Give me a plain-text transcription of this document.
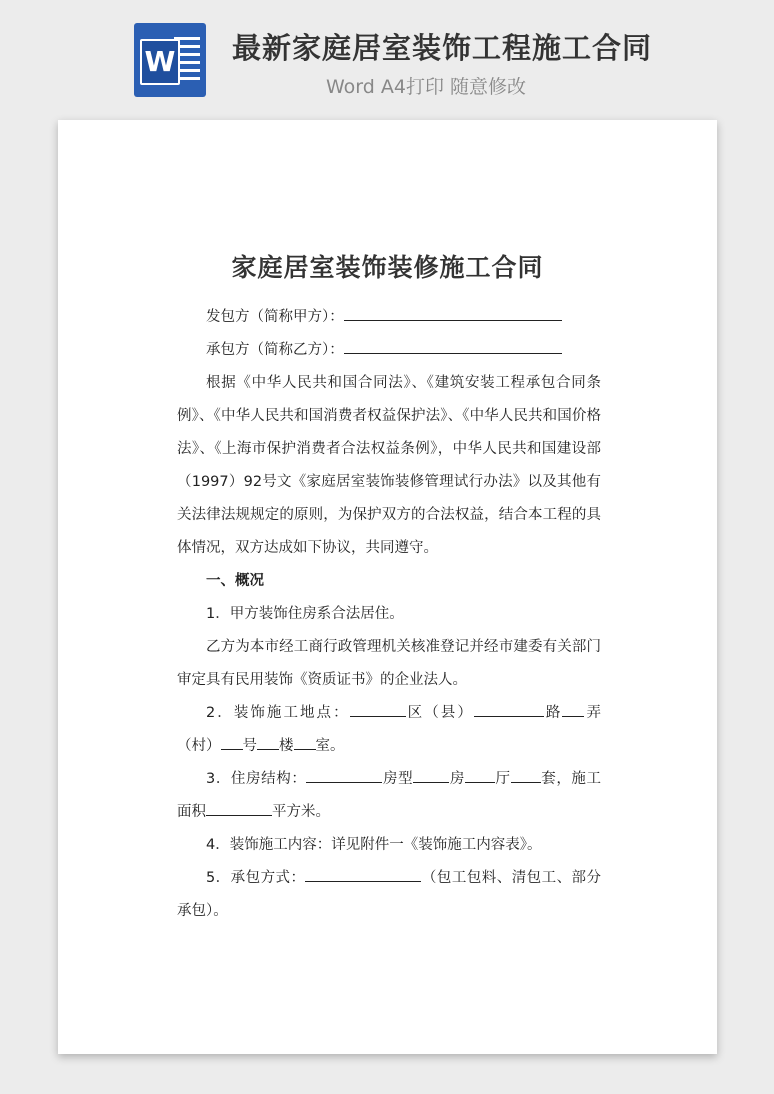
W 最新家庭居室装饰工程施工合同
Word A4打印 随意修改
家庭居室装饰装修施工合同

发包方（简称甲方）：

承包方（简称乙方）：

根据《中华人民共和国合同法》、《建筑安装工程承包合同条例》、《中华人民共和国消费者权益保护法》、《中华人民共和国价格法》、《上海市保护消费者合法权益条例》，中华人民共和国建设部（1997）92号文《家庭居室装饰装修管理试行办法》以及其他有关法律法规规定的原则，为保护双方的合法权益，结合本工程的具体情况，双方达成如下协议，共同遵守。

一、概况

1．甲方装饰住房系合法居住。

乙方为本市经工商行政管理机关核准登记并经市建委有关部门审定具有民用装饰《资质证书》的企业法人。

2．装饰施工地点：	区（县）	路 弄（村） 号 楼 室。

3．住房结构：	房型 房 厅 套，施工面积	平方米。

4．装饰施工内容：详见附件一《装饰施工内容表》。

5．承包方式：	（包工包料、清包工、部分承包）。
